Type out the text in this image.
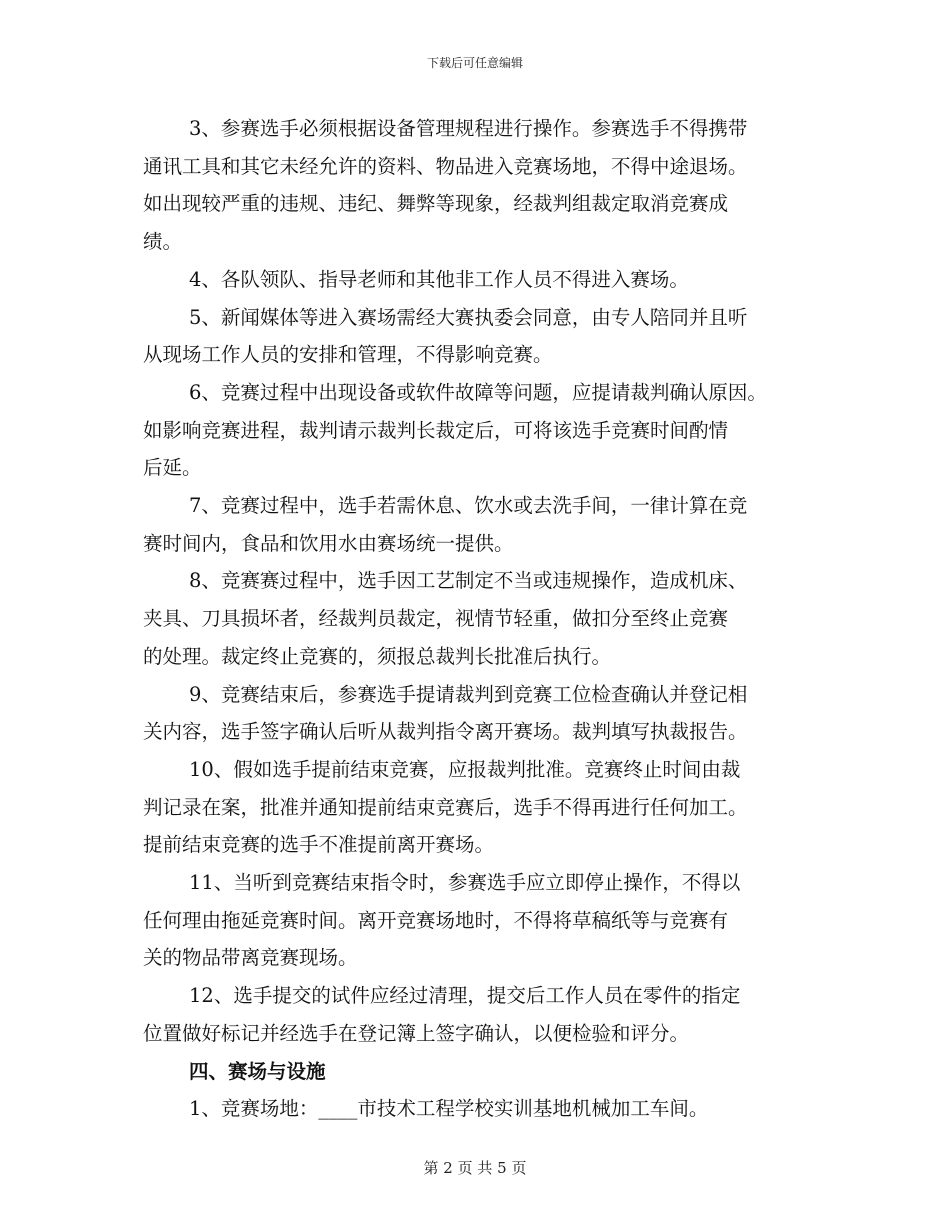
下载后可任意编辑
3、参赛选手必须根据设备管理规程进行操作。参赛选手不得携带
通讯工具和其它未经允许的资料、物品进入竞赛场地，不得中途退场。
如出现较严重的违规、违纪、舞弊等现象，经裁判组裁定取消竞赛成
绩。
4、各队领队、指导老师和其他非工作人员不得进入赛场。
5、新闻媒体等进入赛场需经大赛执委会同意，由专人陪同并且听
从现场工作人员的安排和管理，不得影响竞赛。
6、竞赛过程中出现设备或软件故障等问题，应提请裁判确认原因。
如影响竞赛进程，裁判请示裁判长裁定后，可将该选手竞赛时间酌情
后延。
7、竞赛过程中，选手若需休息、饮水或去洗手间，一律计算在竞
赛时间内，食品和饮用水由赛场统一提供。
8、竞赛赛过程中，选手因工艺制定不当或违规操作，造成机床、
夹具、刀具损坏者，经裁判员裁定，视情节轻重，做扣分至终止竞赛
的处理。裁定终止竞赛的，须报总裁判长批准后执行。
9、竞赛结束后，参赛选手提请裁判到竞赛工位检查确认并登记相
关内容，选手签字确认后听从裁判指令离开赛场。裁判填写执裁报告。
10、假如选手提前结束竞赛，应报裁判批准。竞赛终止时间由裁
判记录在案，批准并通知提前结束竞赛后，选手不得再进行任何加工。
提前结束竞赛的选手不准提前离开赛场。
11、当听到竞赛结束指令时，参赛选手应立即停止操作，不得以
任何理由拖延竞赛时间。离开竞赛场地时，不得将草稿纸等与竞赛有
关的物品带离竞赛现场。
12、选手提交的试件应经过清理，提交后工作人员在零件的指定
位置做好标记并经选手在登记簿上签字确认，以便检验和评分。
四、赛场与设施
1、竞赛场地：____市技术工程学校实训基地机械加工车间。
第 2 页 共 5 页
